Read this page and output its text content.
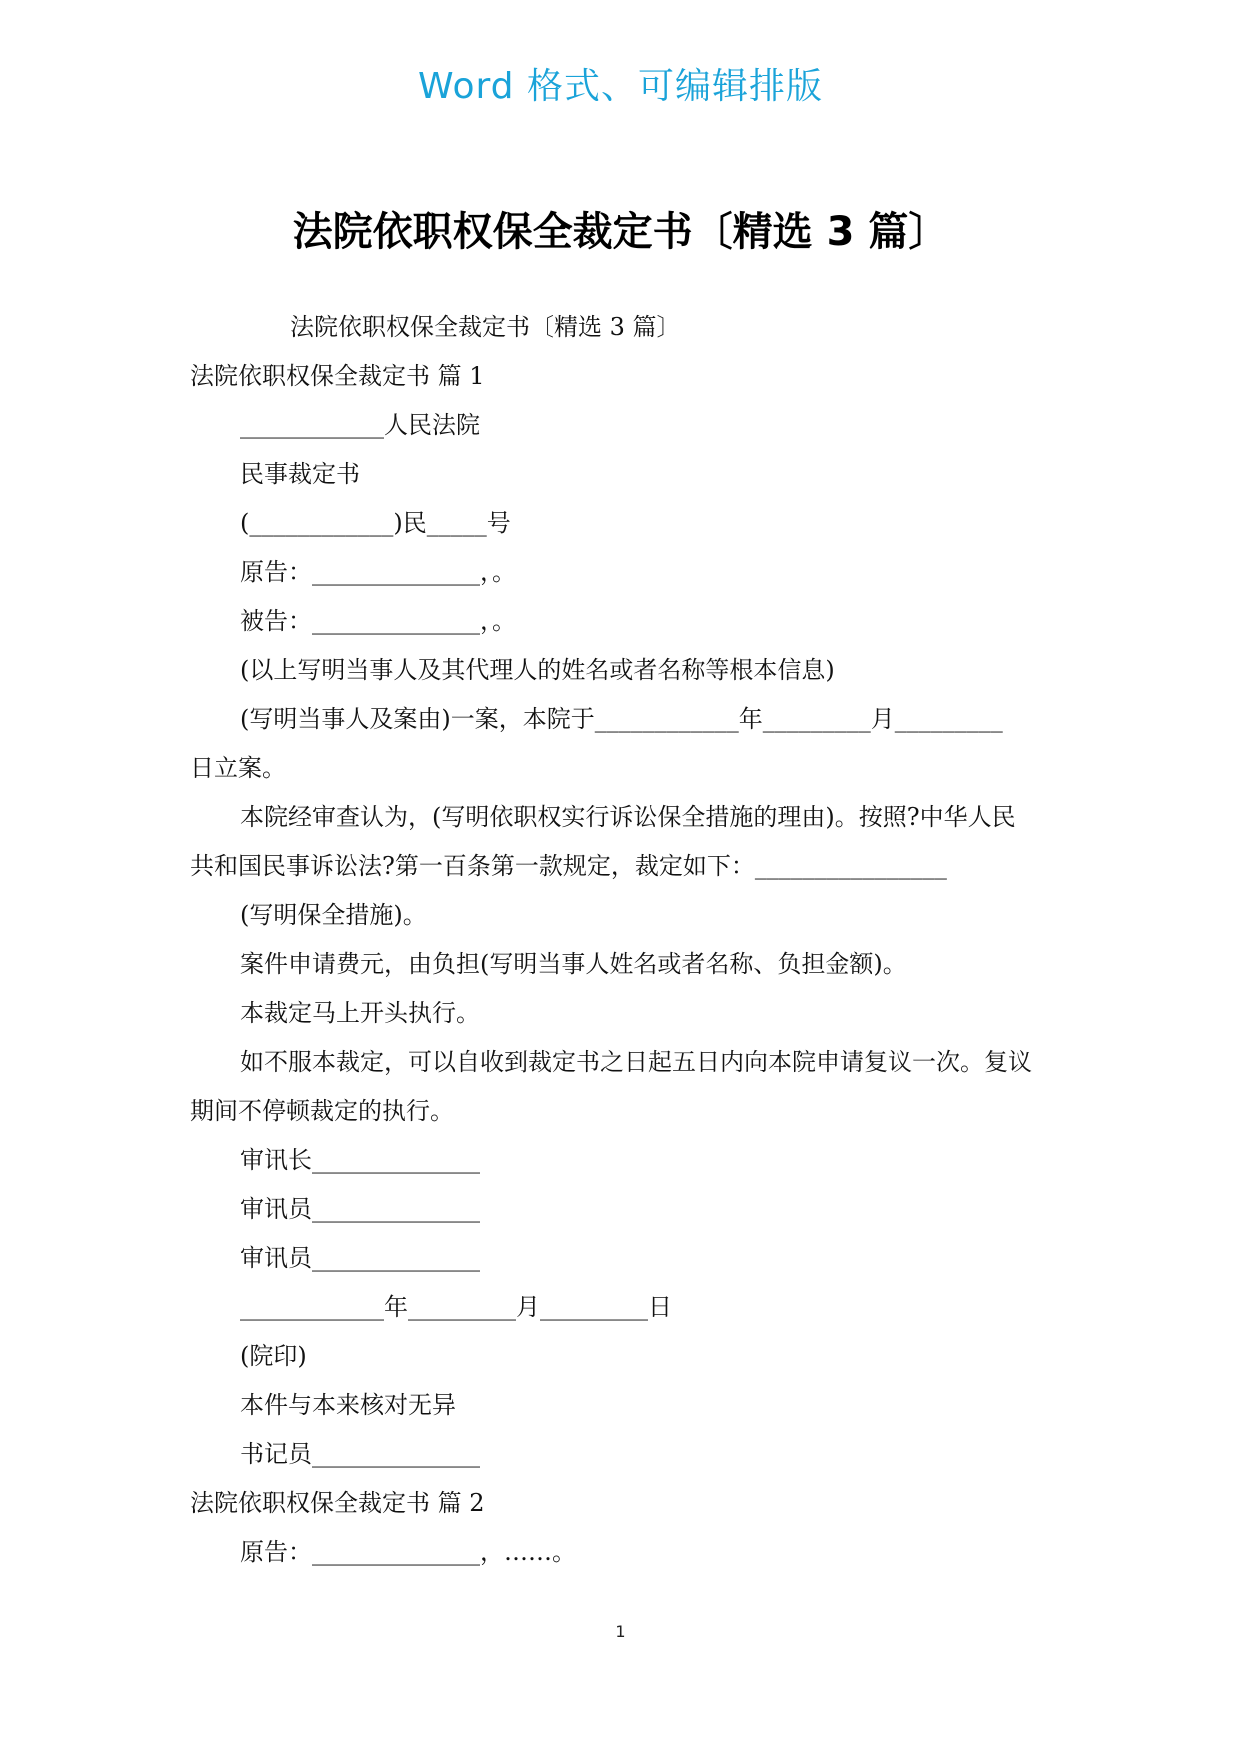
Word 格式、可编辑排版
法院依职权保全裁定书〔精选 3 篇〕
法院依职权保全裁定书〔精选 3 篇〕
法院依职权保全裁定书 篇 1
____________人民法院
民事裁定书
(____________)民_____号
原告：______________，。
被告：______________，。
(以上写明当事人及其代理人的姓名或者名称等根本信息)
(写明当事人及案由)一案，本院于____________年_________月_________
日立案。
本院经审查认为，(写明依职权实行诉讼保全措施的理由)。按照?中华人民
共和国民事诉讼法?第一百条第一款规定，裁定如下：________________
(写明保全措施)。
案件申请费元，由负担(写明当事人姓名或者名称、负担金额)。
本裁定马上开头执行。
如不服本裁定，可以自收到裁定书之日起五日内向本院申请复议一次。复议
期间不停顿裁定的执行。
审讯长______________
审讯员______________
审讯员______________
____________年_________月_________日
(院印)
本件与本来核对无异
书记员______________
法院依职权保全裁定书 篇 2
原告：______________，……。
1
